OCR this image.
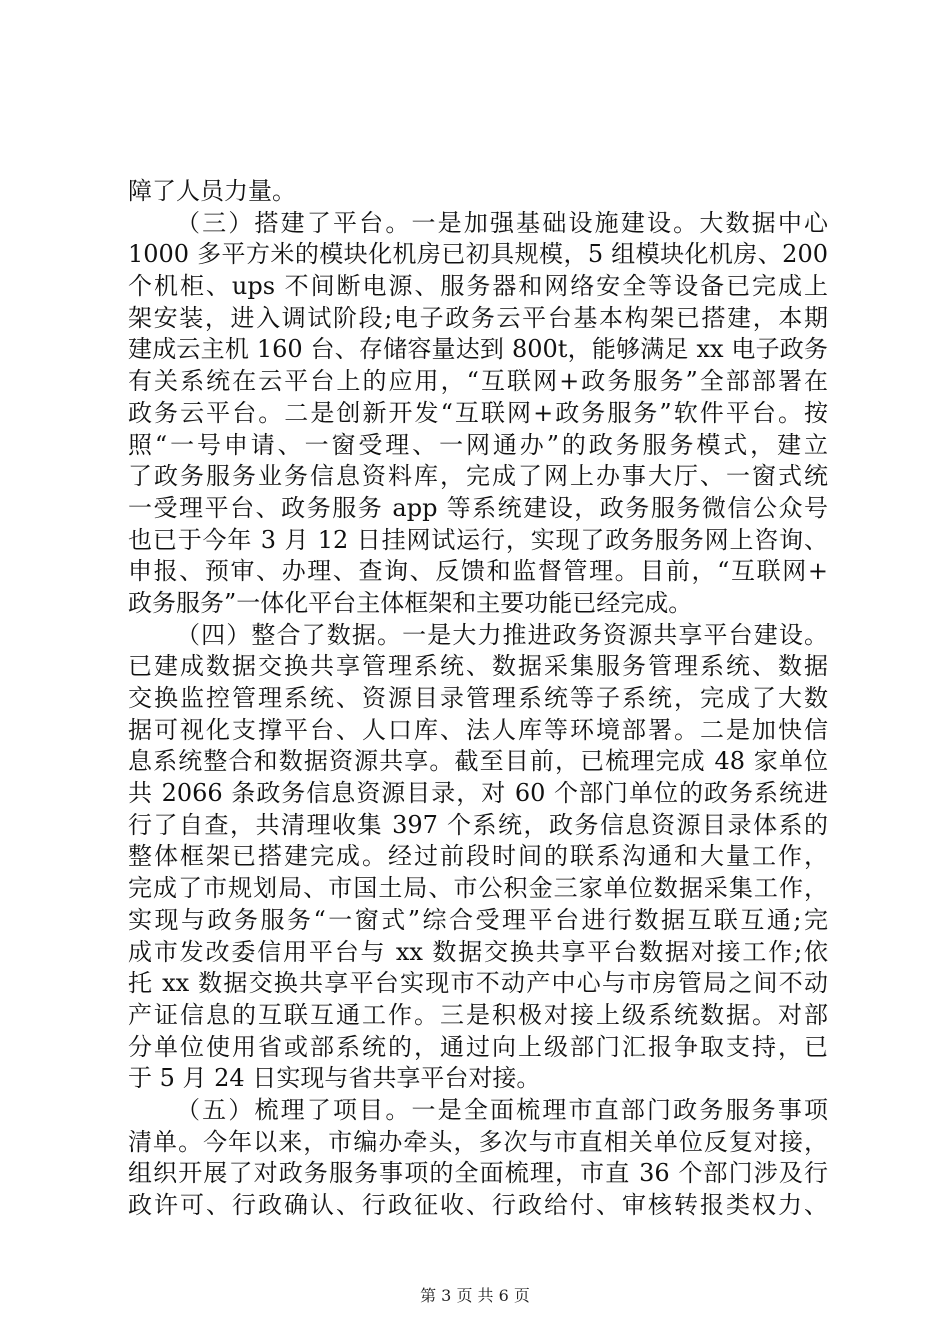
障了人员力量。
（三）搭建了平台。一是加强基础设施建设。大数据中心
1000 多平方米的模块化机房已初具规模，5 组模块化机房、200
个机柜、ups 不间断电源、服务器和网络安全等设备已完成上
架安装，进入调试阶段;电子政务云平台基本构架已搭建，本期
建成云主机 160 台、存储容量达到 800t，能够满足 xx 电子政务
有关系统在云平台上的应用，“互联网+政务服务”全部部署在
政务云平台。二是创新开发“互联网+政务服务”软件平台。按
照“一号申请、一窗受理、一网通办”的政务服务模式，建立
了政务服务业务信息资料库，完成了网上办事大厅、一窗式统
一受理平台、政务服务 app 等系统建设，政务服务微信公众号
也已于今年 3 月 12 日挂网试运行，实现了政务服务网上咨询、
申报、预审、办理、查询、反馈和监督管理。目前，“互联网+
政务服务”一体化平台主体框架和主要功能已经完成。
（四）整合了数据。一是大力推进政务资源共享平台建设。
已建成数据交换共享管理系统、数据采集服务管理系统、数据
交换监控管理系统、资源目录管理系统等子系统，完成了大数
据可视化支撑平台、人口库、法人库等环境部署。二是加快信
息系统整合和数据资源共享。截至目前，已梳理完成 48 家单位
共 2066 条政务信息资源目录，对 60 个部门单位的政务系统进
行了自查，共清理收集 397 个系统，政务信息资源目录体系的
整体框架已搭建完成。经过前段时间的联系沟通和大量工作，
完成了市规划局、市国土局、市公积金三家单位数据采集工作，
实现与政务服务“一窗式”综合受理平台进行数据互联互通;完
成市发改委信用平台与 xx 数据交换共享平台数据对接工作;依
托 xx 数据交换共享平台实现市不动产中心与市房管局之间不动
产证信息的互联互通工作。三是积极对接上级系统数据。对部
分单位使用省或部系统的，通过向上级部门汇报争取支持，已
于 5 月 24 日实现与省共享平台对接。
（五）梳理了项目。一是全面梳理市直部门政务服务事项
清单。今年以来，市编办牵头，多次与市直相关单位反复对接，
组织开展了对政务服务事项的全面梳理，市直 36 个部门涉及行
政许可、行政确认、行政征收、行政给付、审核转报类权力、
第 3 页 共 6 页
